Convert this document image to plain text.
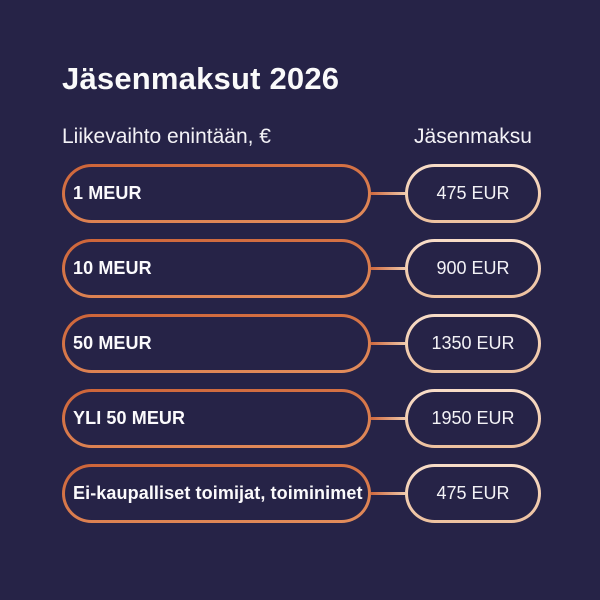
Jäsenmaksut 2026
Liikevaihto enintään, €	Jäsenmaksu
1 MEUR	475 EUR
10 MEUR	900 EUR
50 MEUR	1350 EUR
YLI 50 MEUR	1950 EUR
Ei-kaupalliset toimijat, toiminimet	475 EUR
